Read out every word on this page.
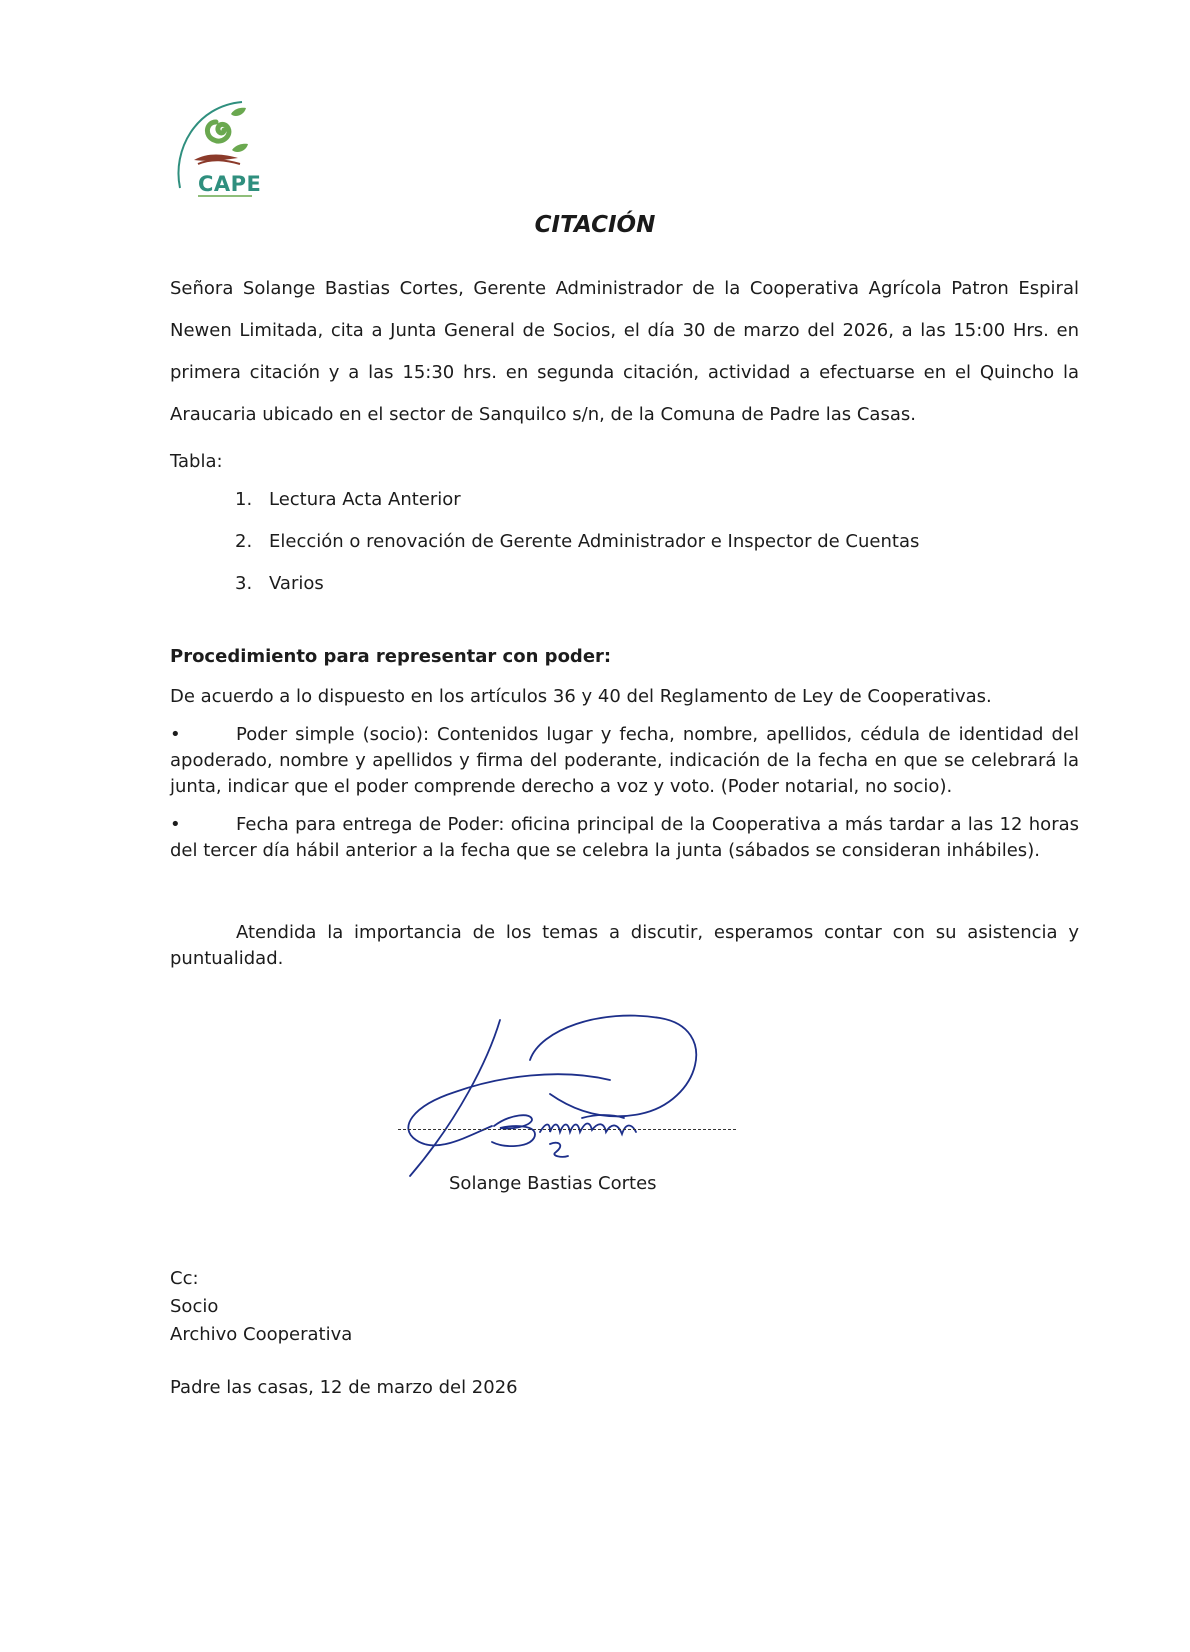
CAPE
CITACIÓN
Señora Solange Bastias Cortes, Gerente Administrador de la Cooperativa Agrícola Patron Espiral Newen Limitada, cita a Junta General de Socios, el día 30 de marzo del 2026, a las 15:00 Hrs. en primera citación y a las 15:30 hrs. en segunda citación, actividad a efectuarse en el Quincho la Araucaria ubicado en el sector de Sanquilco s/n, de la Comuna de Padre las Casas.
Tabla:
1. Lectura Acta Anterior
2. Elección o renovación de Gerente Administrador e Inspector de Cuentas
3. Varios
Procedimiento para representar con poder:
De acuerdo a lo dispuesto en los artículos 36 y 40 del Reglamento de Ley de Cooperativas.
•	Poder simple (socio): Contenidos lugar y fecha, nombre, apellidos, cédula de identidad del apoderado, nombre y apellidos y firma del poderante, indicación de la fecha en que se celebrará la junta, indicar que el poder comprende derecho a voz y voto. (Poder notarial, no socio).
•	Fecha para entrega de Poder: oficina principal de la Cooperativa a más tardar a las 12 horas del tercer día hábil anterior a la fecha que se celebra la junta (sábados se consideran inhábiles).
Atendida la importancia de los temas a discutir, esperamos contar con su asistencia y puntualidad.
Solange Bastias Cortes
Cc:
Socio
Archivo Cooperativa
Padre las casas, 12 de marzo del 2026
